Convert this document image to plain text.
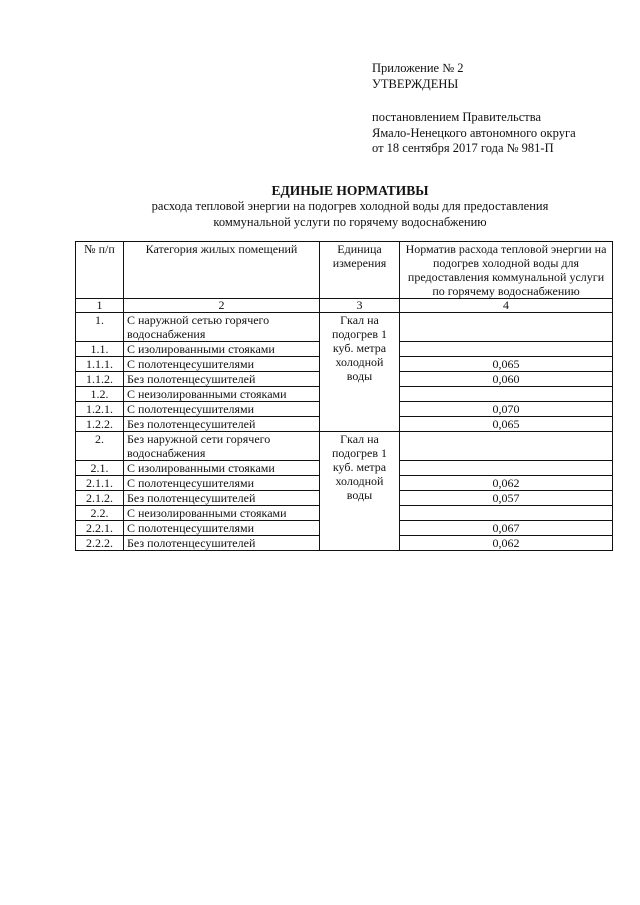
Приложение № 2
УТВЕРЖДЕНЫ
постановлением Правительства
Ямало-Ненецкого автономного округа
от 18 сентября 2017 года № 981-П
ЕДИНЫЕ НОРМАТИВЫ
расхода тепловой энергии на подогрев холодной воды для предоставления
коммунальной услуги по горячему водоснабжению
№ п/п	Категория жилых помещений	Единица измерения	Норматив расхода тепловой энергии на подогрев холодной воды для предоставления коммунальной услуги по горячему водоснабжению
1	2	3	4
1.	С наружной сетью горячего водоснабжения	Гкал на подогрев 1 куб. метра холодной воды	
1.1.	С изолированными стояками		
1.1.1.	С полотенцесушителями		0,065
1.1.2.	Без полотенцесушителей		0,060
1.2.	С неизолированными стояками		
1.2.1.	С полотенцесушителями		0,070
1.2.2.	Без полотенцесушителей		0,065
2.	Без наружной сети горячего водоснабжения	Гкал на подогрев 1 куб. метра холодной воды	
2.1.	С изолированными стояками		
2.1.1.	С полотенцесушителями		0,062
2.1.2.	Без полотенцесушителей		0,057
2.2.	С неизолированными стояками		
2.2.1.	С полотенцесушителями		0,067
2.2.2.	Без полотенцесушителей		0,062
